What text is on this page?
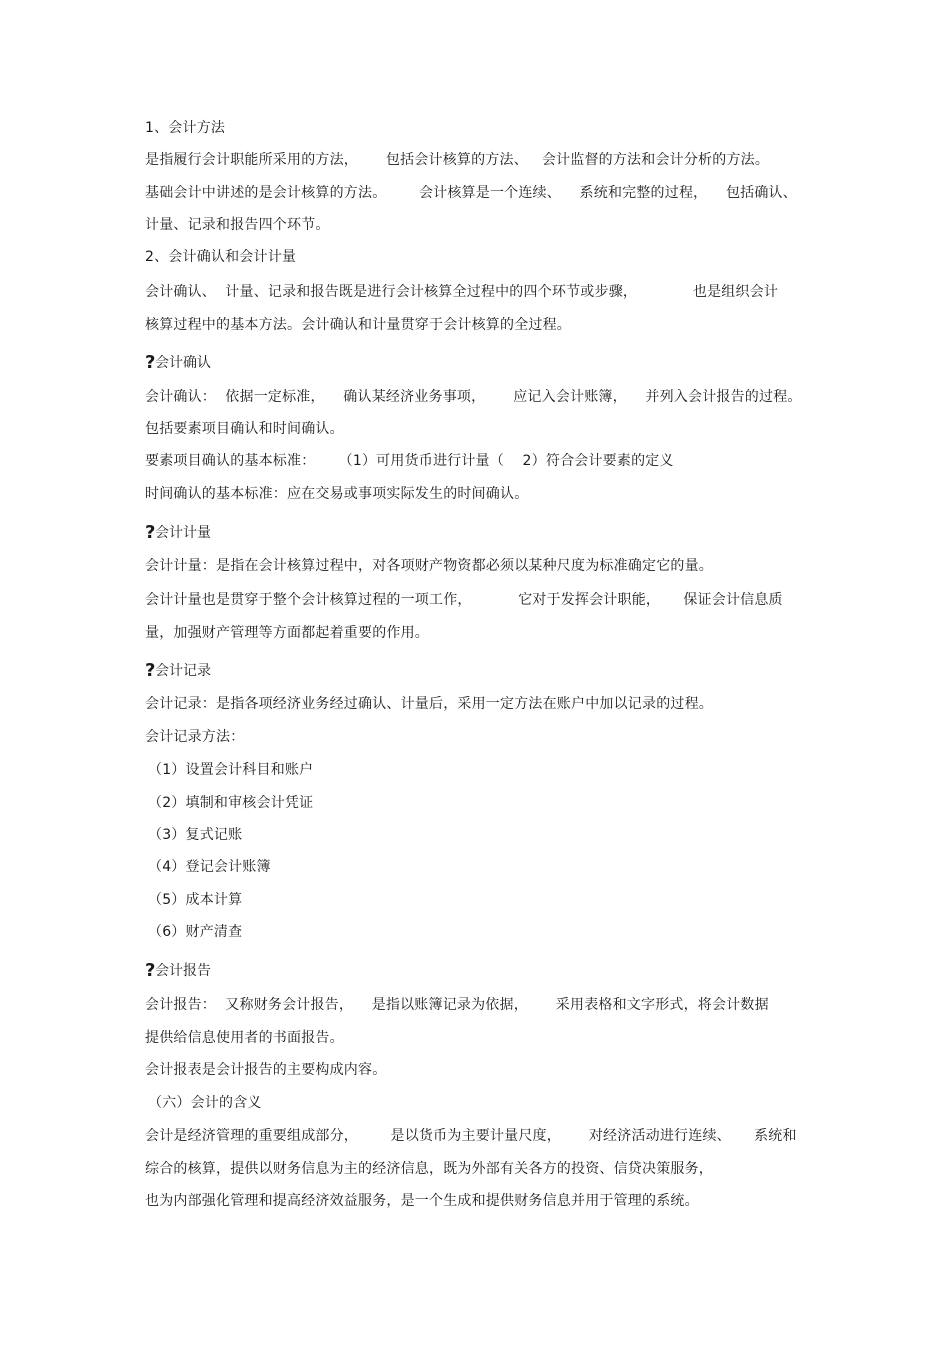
1、会计方法
是指履行会计职能所采用的方法，      包括会计核算的方法、   会计监督的方法和会计分析的方法。
基础会计中讲述的是会计核算的方法。       会计核算是一个连续、    系统和完整的过程，    包括确认、
计量、记录和报告四个环节。
2、会计确认和会计计量
会计确认、  计量、记录和报告既是进行会计核算全过程中的四个环节或步骤，            也是组织会计
核算过程中的基本方法。会计确认和计量贯穿于会计核算的全过程。
?会计确认
会计确认：  依据一定标准，    确认某经济业务事项，      应记入会计账簿，    并列入会计报告的过程。
包括要素项目确认和时间确认。
要素项目确认的基本标准：     （1）可用货币进行计量（    2）符合会计要素的定义
时间确认的基本标准：应在交易或事项实际发生的时间确认。
?会计计量
会计计量：是指在会计核算过程中，对各项财产物资都必须以某种尺度为标准确定它的量。
会计计量也是贯穿于整个会计核算过程的一项工作，          它对于发挥会计职能，     保证会计信息质
量，加强财产管理等方面都起着重要的作用。
?会计记录
会计记录：是指各项经济业务经过确认、计量后，采用一定方法在账户中加以记录的过程。
会计记录方法：
（1）设置会计科目和账户
（2）填制和审核会计凭证
（3）复式记账
（4）登记会计账簿
（5）成本计算
（6）财产清查
?会计报告
会计报告：  又称财务会计报告，    是指以账簿记录为依据，      采用表格和文字形式，将会计数据
提供给信息使用者的书面报告。
会计报表是会计报告的主要构成内容。
（六）会计的含义
会计是经济管理的重要组成部分，       是以货币为主要计量尺度，      对经济活动进行连续、     系统和
综合的核算，提供以财务信息为主的经济信息，既为外部有关各方的投资、信贷决策服务，
也为内部强化管理和提高经济效益服务，是一个生成和提供财务信息并用于管理的系统。
